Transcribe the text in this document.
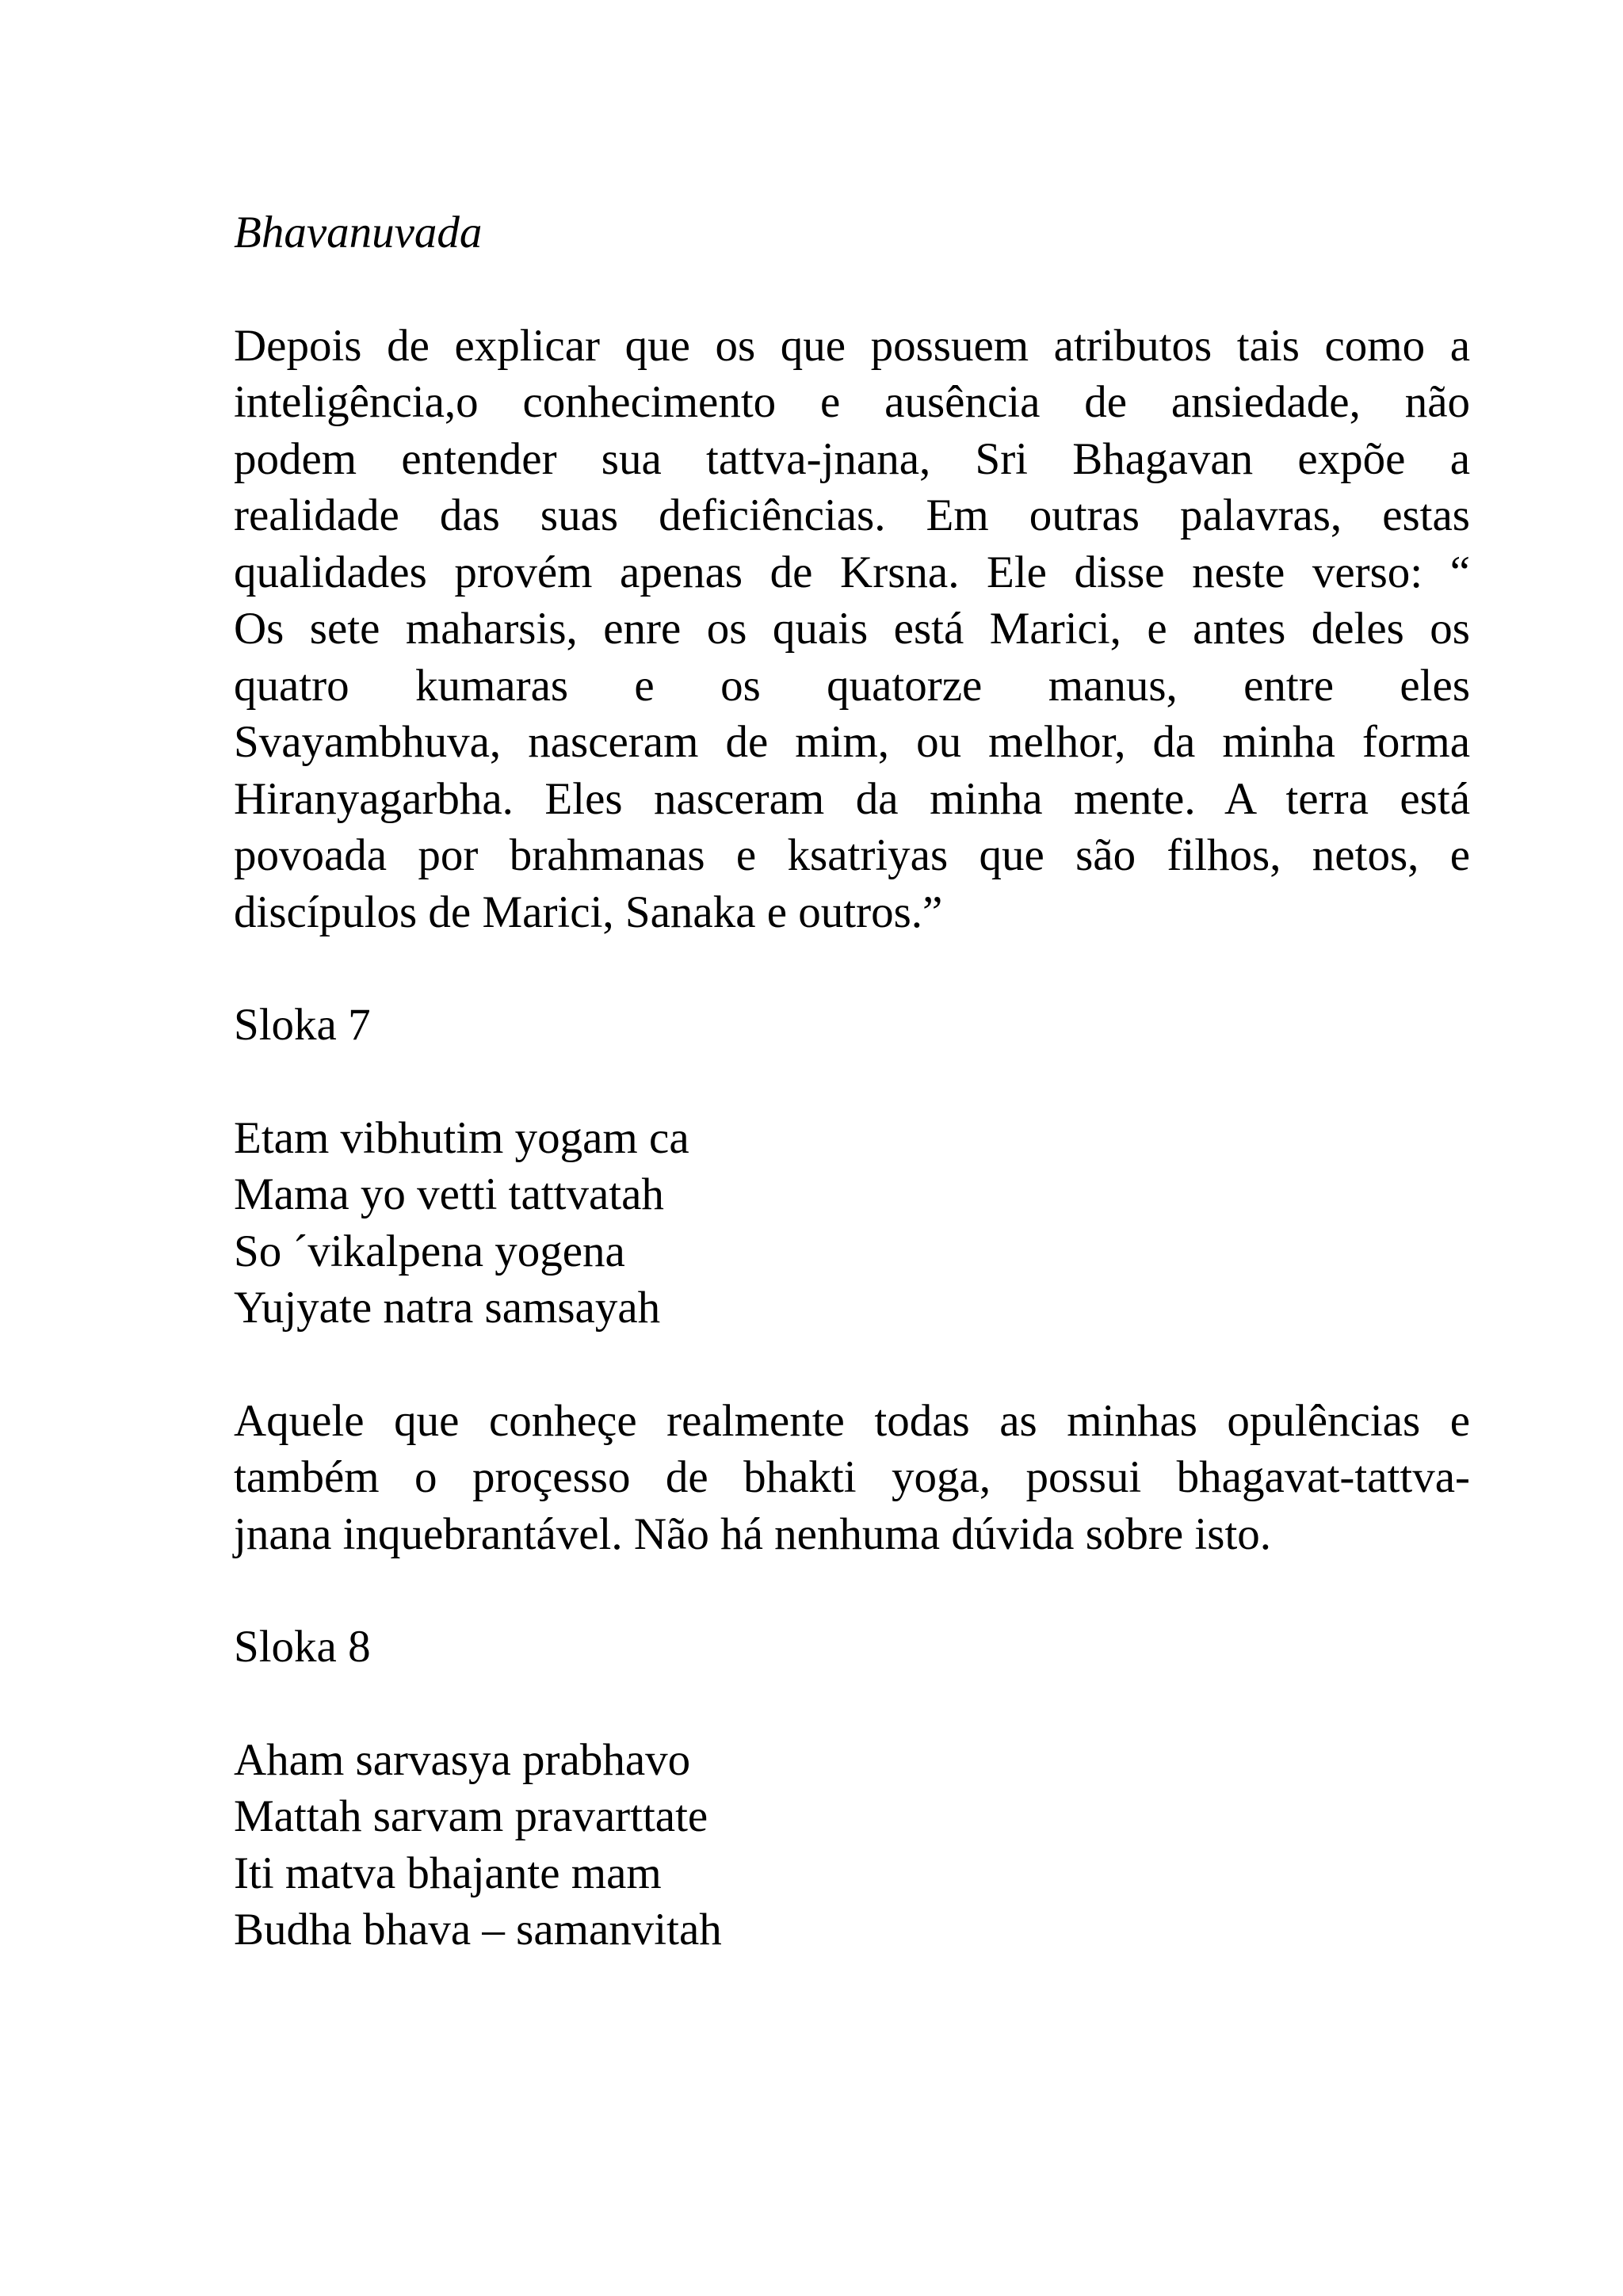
Bhavanuvada

Depois de explicar que os que possuem atributos tais como a
inteligência,o conhecimento e ausência de ansiedade, não
podem entender sua tattva-jnana, Sri Bhagavan expõe a
realidade das suas deficiências. Em outras palavras, estas
qualidades provém apenas de Krsna. Ele disse neste verso: “
Os sete maharsis, enre os quais está Marici, e antes deles os
quatro kumaras e os quatorze manus, entre eles
Svayambhuva, nasceram de mim, ou melhor, da minha forma
Hiranyagarbha. Eles nasceram da minha mente. A terra está
povoada por brahmanas e ksatriyas que são filhos, netos, e
discípulos de Marici, Sanaka e outros.”

Sloka 7

Etam vibhutim yogam ca
Mama yo vetti tattvatah
So ´vikalpena yogena
Yujyate natra samsayah

Aquele que conheçe realmente todas as minhas opulências e
também o proçesso de bhakti yoga, possui bhagavat-tattva-
jnana inquebrantável. Não há nenhuma dúvida sobre isto.

Sloka 8

Aham sarvasya prabhavo
Mattah sarvam pravarttate
Iti matva bhajante mam
Budha bhava – samanvitah
